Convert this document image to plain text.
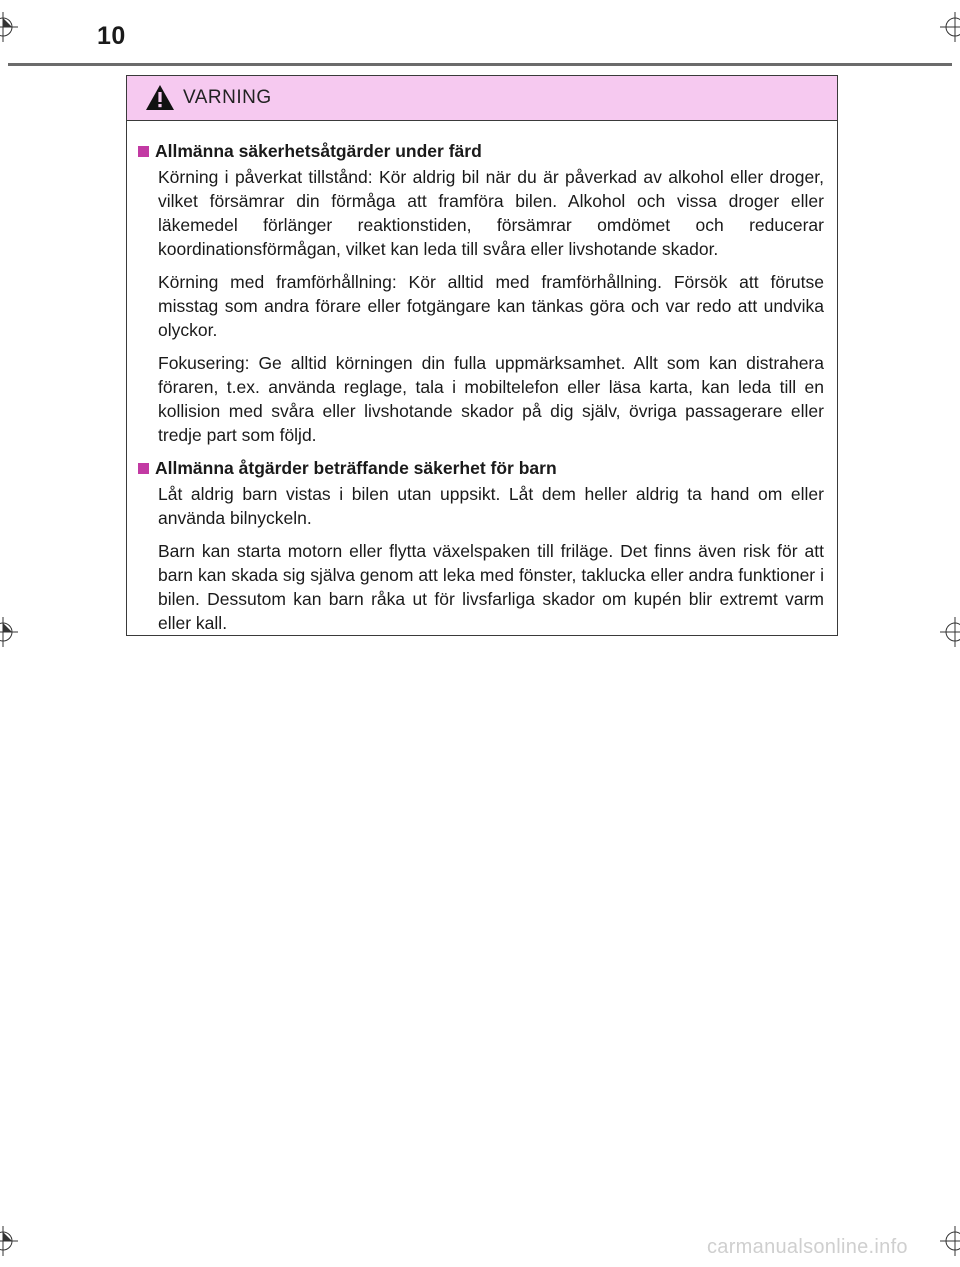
10
VARNING
Allmänna säkerhetsåtgärder under färd

Körning i påverkat tillstånd: Kör aldrig bil när du är påverkad av alkohol eller droger, vilket försämrar din förmåga att framföra bilen. Alkohol och vissa droger eller läkemedel förlänger reaktionstiden, försämrar omdömet och reducerar koordinationsförmågan, vilket kan leda till svåra eller livshotande skador.

Körning med framförhållning: Kör alltid med framförhållning. Försök att förutse misstag som andra förare eller fotgängare kan tänkas göra och var redo att undvika olyckor.

Fokusering: Ge alltid körningen din fulla uppmärksamhet. Allt som kan distrahera föraren, t.ex. använda reglage, tala i mobiltelefon eller läsa karta, kan leda till en kollision med svåra eller livshotande skador på dig själv, övriga passagerare eller tredje part som följd.

Allmänna åtgärder beträffande säkerhet för barn

Låt aldrig barn vistas i bilen utan uppsikt. Låt dem heller aldrig ta hand om eller använda bilnyckeln.

Barn kan starta motorn eller flytta växelspaken till friläge. Det finns även risk för att barn kan skada sig själva genom att leka med fönster, taklucka eller andra funktioner i bilen. Dessutom kan barn råka ut för livsfarliga skador om kupén blir extremt varm eller kall.

carmanualsonline.info
